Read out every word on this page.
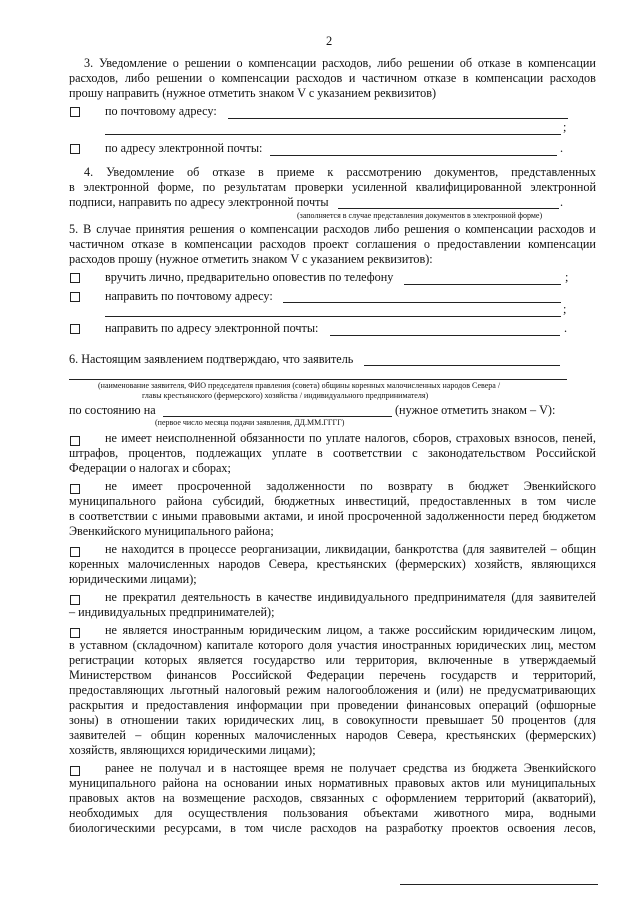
2
3. Уведомление о решении о компенсации расходов, либо решении об отказе в компенсации
расходов, либо решении о компенсации расходов и частичном отказе в компенсации расходов
прошу направить (нужное отметить знаком V с указанием реквизитов)
по почтовому адресу:
;
по адресу электронной почты:	.
4. Уведомление об отказе в приеме к рассмотрению документов, представленных
в электронной форме, по результатам проверки усиленной квалифицированной электронной
подписи, направить по адресу электронной почты	.
(заполняется в случае представления документов в электронной форме)
5. В случае принятия решения о компенсации расходов либо решения о компенсации расходов и
частичном отказе в компенсации расходов проект соглашения о предоставлении компенсации
расходов прошу (нужное отметить знаком V с указанием реквизитов):
вручить лично, предварительно оповестив по телефону	;
направить по почтовому адресу:
;
направить по адресу электронной почты:	.
6. Настоящим заявлением подтверждаю, что заявитель
(наименование заявителя, ФИО председателя правления (совета) общины коренных малочисленных народов Севера /
главы крестьянского (фермерского) хозяйства / индивидуального предпринимателя)
по состоянию на	(нужное отметить знаком – V):
(первое число месяца подачи заявления, ДД.ММ.ГГГГ)
не имеет неисполненной обязанности по уплате налогов, сборов, страховых взносов, пеней,
штрафов, процентов, подлежащих уплате в соответствии с законодательством Российской
Федерации о налогах и сборах;
не имеет просроченной задолженности по возврату в бюджет Эвенкийского
муниципального района субсидий, бюджетных инвестиций, предоставленных в том числе
в соответствии с иными правовыми актами, и иной просроченной задолженности перед бюджетом
Эвенкийского муниципального района;
не находится в процессе реорганизации, ликвидации, банкротства (для заявителей – общин
коренных малочисленных народов Севера, крестьянских (фермерских) хозяйств, являющихся
юридическими лицами);
не прекратил деятельность в качестве индивидуального предпринимателя (для заявителей
– индивидуальных предпринимателей);
не является иностранным юридическим лицом, а также российским юридическим лицом,
в уставном (складочном) капитале которого доля участия иностранных юридических лиц, местом
регистрации которых является государство или территория, включенные в утверждаемый
Министерством финансов Российской Федерации перечень государств и территорий,
предоставляющих льготный налоговый режим налогообложения и (или) не предусматривающих
раскрытия и предоставления информации при проведении финансовых операций (офшорные
зоны) в отношении таких юридических лиц, в совокупности превышает 50 процентов (для
заявителей – общин коренных малочисленных народов Севера, крестьянских (фермерских)
хозяйств, являющихся юридическими лицами);
ранее не получал и в настоящее время не получает средства из бюджета Эвенкийского
муниципального района на основании иных нормативных правовых актов или муниципальных
правовых актов на возмещение расходов, связанных с оформлением территорий (акваторий),
необходимых для осуществления пользования объектами животного мира, водными
биологическими ресурсами, в том числе расходов на разработку проектов освоения лесов,
